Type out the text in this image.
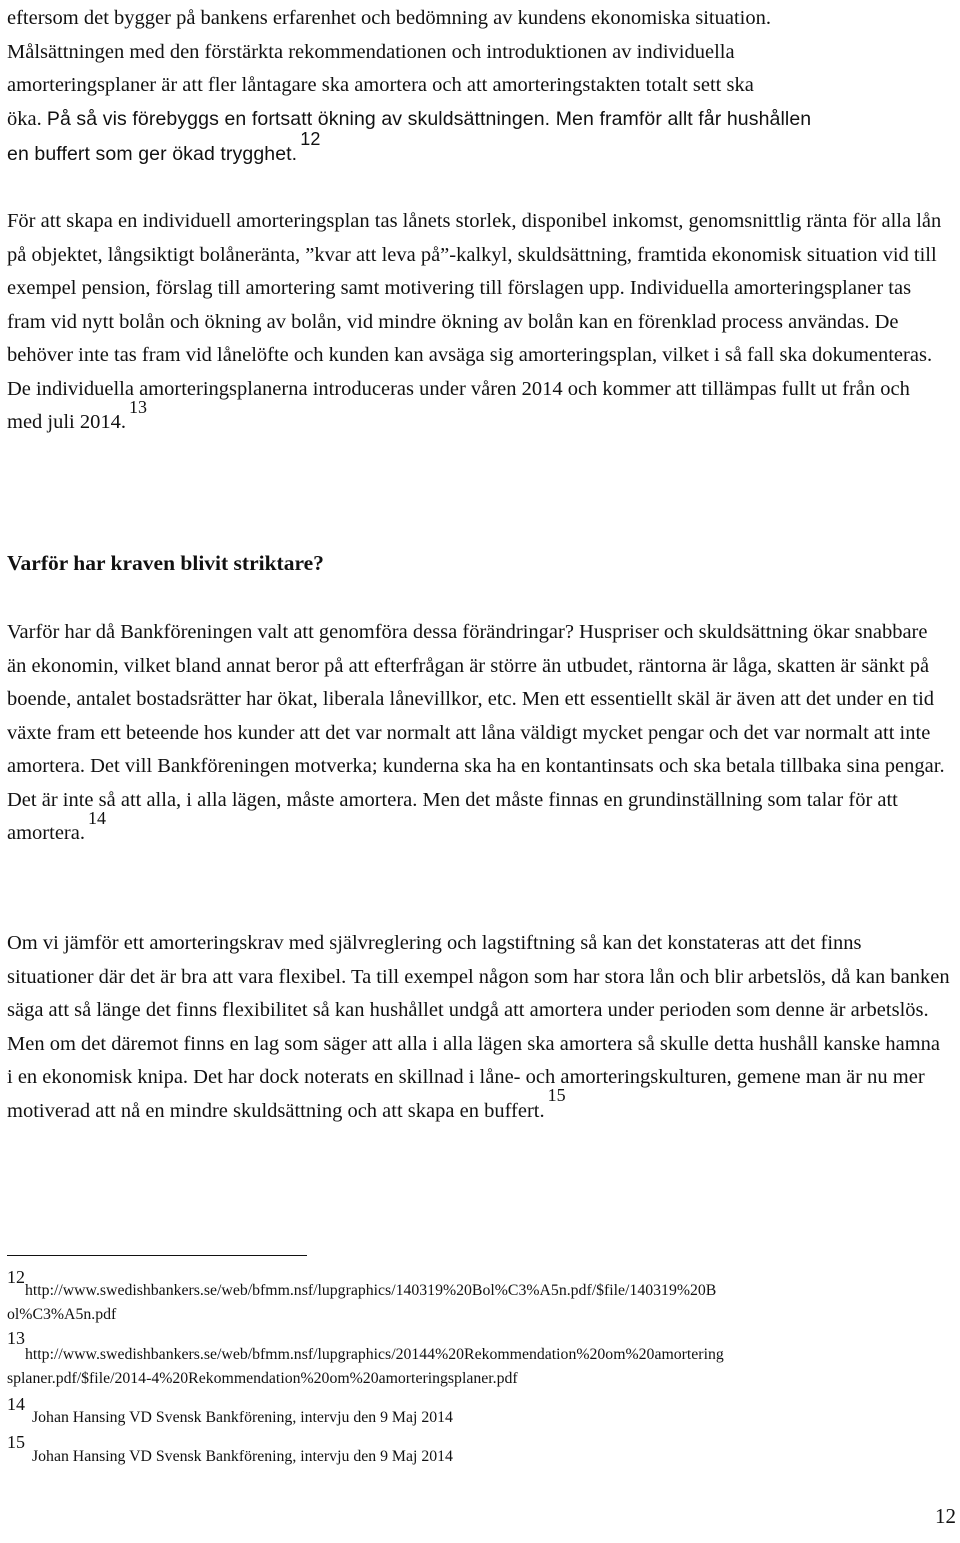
eftersom det bygger på bankens erfarenhet och bedömning av kundens ekonomiska situation.
Målsättningen med den förstärkta rekommendationen och introduktionen av individuella
amorteringsplaner är att fler låntagare ska amortera och att amorteringstakten totalt sett ska
öka. På så vis förebyggs en fortsatt ökning av skuldsättningen. Men framför allt får hushållen
en buffert som ger ökad trygghet.$^{12}$

För att skapa en individuell amorteringsplan tas lånets storlek, disponibel inkomst, genomsnittlig ränta för alla lån på objektet, långsiktigt bolåneränta, ”kvar att leva på”-kalkyl, skuldsättning, framtida ekonomisk situation vid till exempel pension, förslag till amortering samt motivering till förslagen upp. Individuella amorteringsplaner tas fram vid nytt bolån och ökning av bolån, vid mindre ökning av bolån kan en förenklad process användas. De behöver inte tas fram vid lånelöfte och kunden kan avsäga sig amorteringsplan, vilket i så fall ska dokumenteras. De individuella amorteringsplanerna introduceras under våren 2014 och kommer att tillämpas fullt ut från och med juli 2014.13

Varför har kraven blivit striktare?

Varför har då Bankföreningen valt att genomföra dessa förändringar? Huspriser och skuldsättning ökar snabbare än ekonomin, vilket bland annat beror på att efterfrågan är större än utbudet, räntorna är låga, skatten är sänkt på boende, antalet bostadsrätter har ökat, liberala lånevillkor, etc. Men ett essentiellt skäl är även att det under en tid växte fram ett beteende hos kunder att det var normalt att låna väldigt mycket pengar och det var normalt att inte amortera. Det vill Bankföreningen motverka; kunderna ska ha en kontantinsats och ska betala tillbaka sina pengar. Det är inte så att alla, i alla lägen, måste amortera. Men det måste finnas en grundinställning som talar för att amortera.$^{14}$

Om vi jämför ett amorteringskrav med självreglering och lagstiftning så kan det konstateras att det finns situationer där det är bra att vara flexibel. Ta till exempel någon som har stora lån och blir arbetslös, då kan banken säga att så länge det finns flexibilitet så kan hushållet undgå att amortera under perioden som denne är arbetslös. Men om det däremot finns en lag som säger att alla i alla lägen ska amortera så skulle detta hushåll kanske hamna i en ekonomisk knipa. Det har dock noterats en skillnad i låne- och amorteringskulturen, gemene man är nu mer motiverad att nå en mindre skuldsättning och att skapa en buffert.$^{15}$

12
http://www.swedishbankers.se/web/bfmm.nsf/lupgraphics/140319%20Bol%C3%A5n.pdf/$file/140319%20B
ol%C3%A5n.pdf
13
http://www.swedishbankers.se/web/bfmm.nsf/lupgraphics/20144%20Rekommendation%20om%20amortering
splaner.pdf/$file/2014-4%20Rekommendation%20om%20amorteringsplaner.pdf
14
Johan Hansing VD Svensk Bankförening, intervju den 9 Maj 2014
15
Johan Hansing VD Svensk Bankförening, intervju den 9 Maj 2014
12
